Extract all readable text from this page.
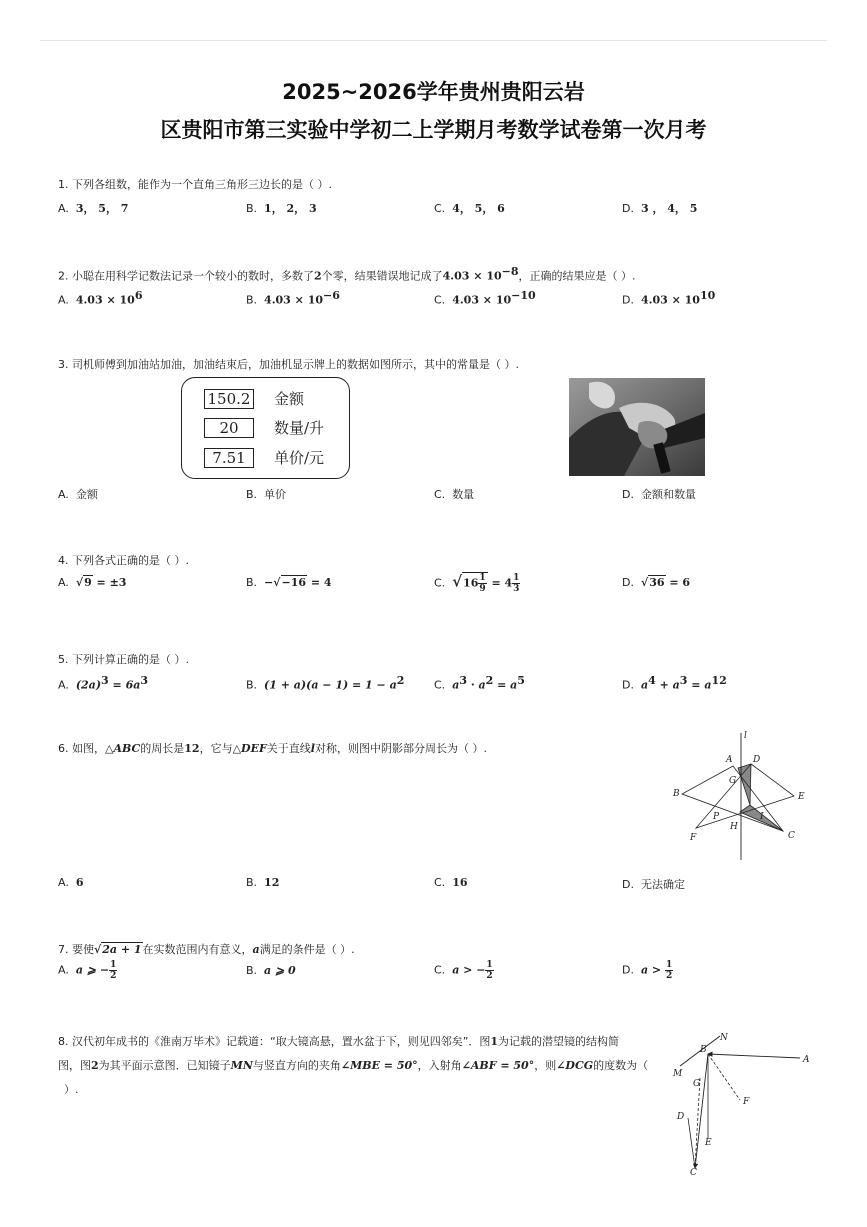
2025~2026学年贵州贵阳云岩
区贵阳市第三实验中学初二上学期月考数学试卷第一次月考
1. 下列各组数，能作为一个直角三角形三边长的是（ ）.
A. 3， 5， 7	B. 1， 2， 3	C. 4， 5， 6	D. 3 ， 4， 5
2. 小聪在用科学记数法记录一个较小的数时，多数了2个零，结果错误地记成了$4.03 \times 10^{-8}$，正确的结果应是（ ）.
A. $4.03 \times 10^6$	B. $4.03 \times 10^{-6}$	C. $4.03 \times 10^{-10}$	D. $4.03 \times 10^{10}$
3. 司机师傅到加油站加油，加油结束后，加油机显示牌上的数据如图所示，其中的常量是（ ）.
150.2 金额
20	数量/升
7.51	单价/元
A. 金额	B. 单价	C. 数量	D. 金额和数量
4. 下列各式正确的是（ ）.
A. √9 = ±3	B. −√−16 = 4	C. $√16 \frac{1}{9} = 4 \frac{1}{3}$	D. √36 = 6
5. 下列计算正确的是（ ）.
A. $(2a)^3 = 6a^3$	B. $(1 + a)(a - 1) = 1 - a^2$	C. $a^3 \cdot a^2 = a^5$	D. $a^4 + a^3 = a^{12}$
6. 如图，△ABC的周长是12，它与△DEF关于直线l对称，则图中阴影部分周长为（ ）.
l
A D
G
B	E
P	I
H
F	C
A. 6	B. 12	C. 16	D. 无法确定
7. 要使√2a + 1在实数范围内有意义，a满足的条件是（ ）.
A. a ⩾ − $\frac{1}{2}$	B. a ⩾ 0	C. a > − $\frac{1}{2}$	D. $a > \frac{1}{2}$
8. 汉代初年成书的《淮南万毕术》记载道：“取大镜高悬，置水盆于下，则见四邻矣”．图1为记载的潜望镜的结构简
图，图2为其平面示意图．已知镜子MN与竖直方向的夹角∠MBE = 50°，入射角∠ABF = 50°，则∠DCG的度数为（
）.
N
B
A
M
G
F
D
E
C
